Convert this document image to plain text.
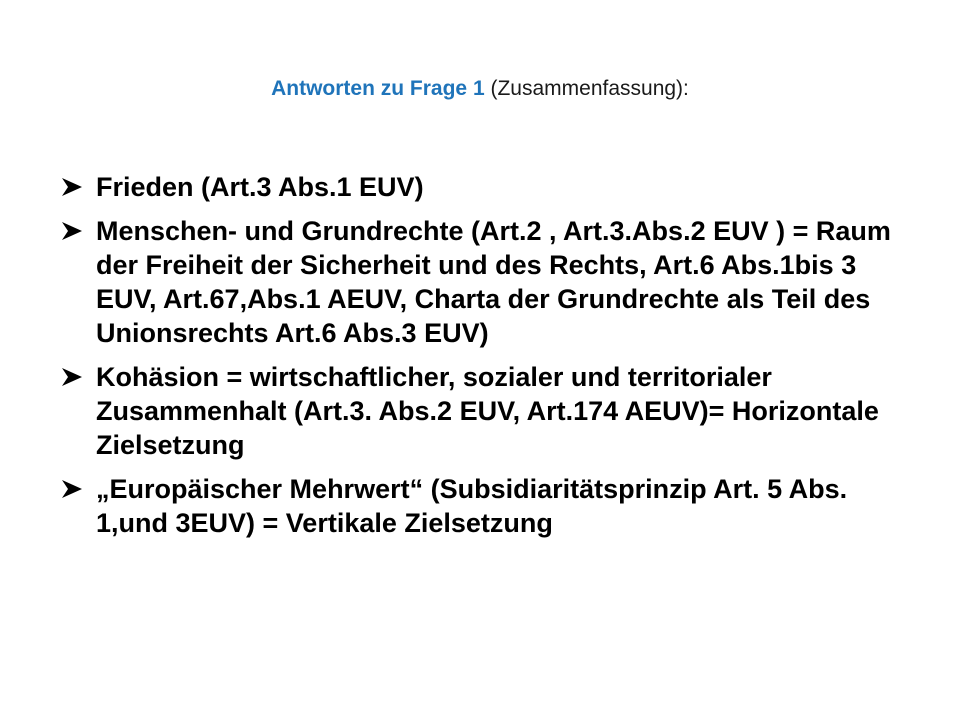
Antworten zu Frage 1 (Zusammenfassung):
Frieden (Art.3 Abs.1 EUV)
Menschen- und Grundrechte (Art.2 , Art.3.Abs.2 EUV ) = Raum der Freiheit der Sicherheit und des Rechts, Art.6 Abs.1bis 3 EUV, Art.67,Abs.1 AEUV, Charta der Grundrechte als Teil des Unionsrechts Art.6 Abs.3 EUV)
Kohäsion = wirtschaftlicher, sozialer und territorialer Zusammenhalt (Art.3. Abs.2 EUV, Art.174 AEUV)= Horizontale Zielsetzung
„Europäischer Mehrwert“ (Subsidiaritätsprinzip Art. 5 Abs. 1,und 3EUV) = Vertikale Zielsetzung
